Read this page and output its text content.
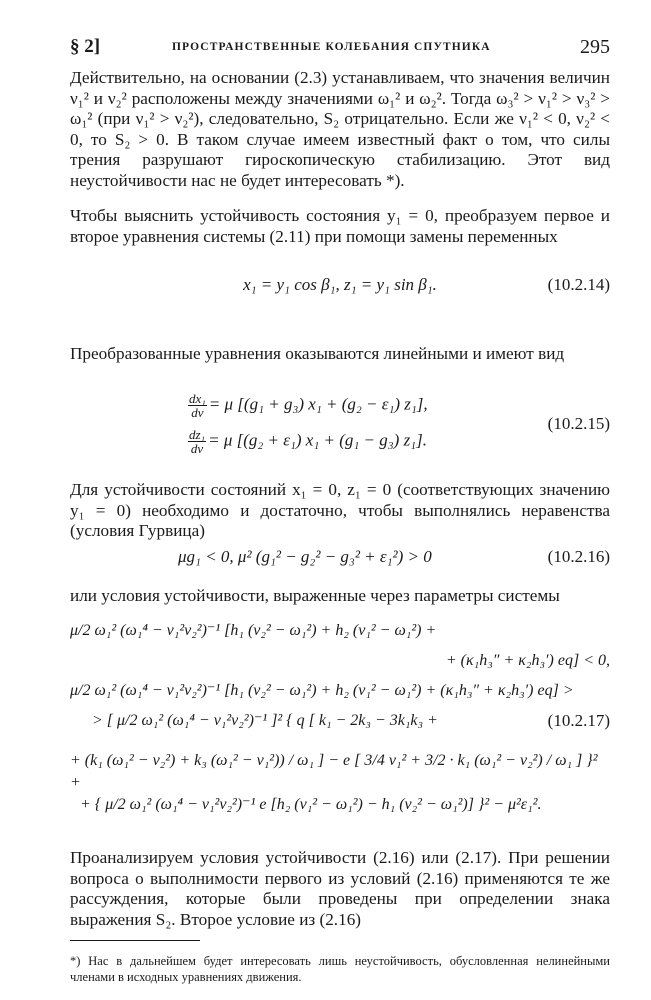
§ 2]	ПРОСТРАНСТВЕННЫЕ КОЛЕБАНИЯ СПУТНИКА	295

Действительно, на основании (2.3) устанавливаем, что значения величин ν₁² и ν₂² расположены между значениями ω₁² и ω₂². Тогда ω₃² > ν₁² > ν₃² > ω₁² (при ν₁² > ν₂²), следовательно, S₂ отрицательно. Если же ν₁² < 0, ν₂² < 0, то S₂ > 0. В таком случае имеем известный факт о том, что силы трения разрушают гироскопическую стабилизацию. Этот вид неустойчивости нас не будет интересовать *).

Чтобы выяснить устойчивость состояния y₁ = 0, преобразуем первое и второе уравнения системы (2.11) при помощи замены переменных

x₁ = y₁ cos β₁, z₁ = y₁ sin β₁.	(10.2.14)

Преобразованные уравнения оказываются линейными и имеют вид

$\frac{\text{dx₁}}{dv} = \mu$ [(g₁ + g₃) x₁ + (g₂ − ε₁) z₁],
$\frac{\text{dz₁}}{dv} = \mu$ [(g₂ + ε₁) x₁ + (g₁ − g₃) z₁].
(10.2.15)

Для устойчивости состояний x₁ = 0, z₁ = 0 (соответствующих значению y₁ = 0) необходимо и достаточно, чтобы выполнялись неравенства (условия Гурвица)

μg₁ < 0, μ² (g₁² − g₂² − g₃² + ε₁²) > 0	(10.2.16)

или условия устойчивости, выраженные через параметры системы

μ/2 ω₁² (ω₁⁴ − ν₁²ν₂²)⁻¹ [h₁ (ν₂² − ω₁²) + h₂ (ν₁² − ω₁²) +
+ (κ₁h₃″ + κ₂h₃′) eq] < 0,
μ/2 ω₁² (ω₁⁴ − ν₁²ν₂²)⁻¹ [h₁ (ν₂² − ω₁²) + h₂ (ν₁² − ω₁²) + (κ₁h₃″ + κ₂h₃′) eq] >
> [ μ/2 ω₁² (ω₁⁴ − ν₁²ν₂²)⁻¹ ]² { q [ k₁ − 2k₃ − 3k₁k₃ +
+ (k₁ (ω₁² − ν₂²) + k₃ (ω₁² − ν₁²)) / ω₁ ] − e [ 3/4 ν₁² + 3/2 · k₁ (ω₁² − ν₂²) / ω₁ ] }² +
+ { μ/2 ω₁² (ω₁⁴ − ν₁²ν₂²)⁻¹ e [h₂ (ν₁² − ω₁²) − h₁ (ν₂² − ω₁²)] }² − μ²ε₁².
(10.2.17)

Проанализируем условия устойчивости (2.16) или (2.17). При решении вопроса о выполнимости первого из условий (2.16) применяются те же рассуждения, которые были проведены при определении знака выражения S₂. Второе условие из (2.16)

*) Нас в дальнейшем будет интересовать лишь неустойчивость, обусловленная нелинейными членами в исходных уравнениях движения.
